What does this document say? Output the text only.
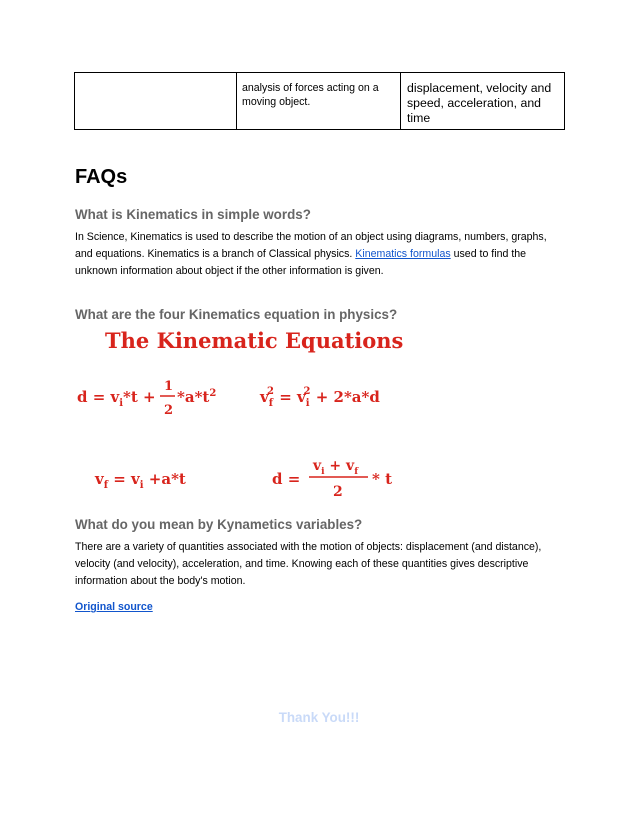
analysis of forces acting on a moving object.
displacement, velocity and speed, acceleration, and time
FAQs
What is Kinematics in simple words?
In Science, Kinematics is used to describe the motion of an object using diagrams, numbers, graphs, and equations. Kinematics is a branch of Classical physics. Kinematics formulas used to find the unknown information about object if the other information is given.
What are the four Kinematics equation in physics?
The Kinematic Equations
$d = v_i*t$ +
1
2
$*a*t^2$	$v_f2 = v_i2 + 2*a*d$
$v_f = v_i +a*t$	d =
$v_i + v_f$
2
* t
What do you mean by Kynametics variables?
There are a variety of quantities associated with the motion of objects: displacement (and distance), velocity (and velocity), acceleration, and time. Knowing each of these quantities gives descriptive information about the body's motion.
Original source
Thank You!!!
